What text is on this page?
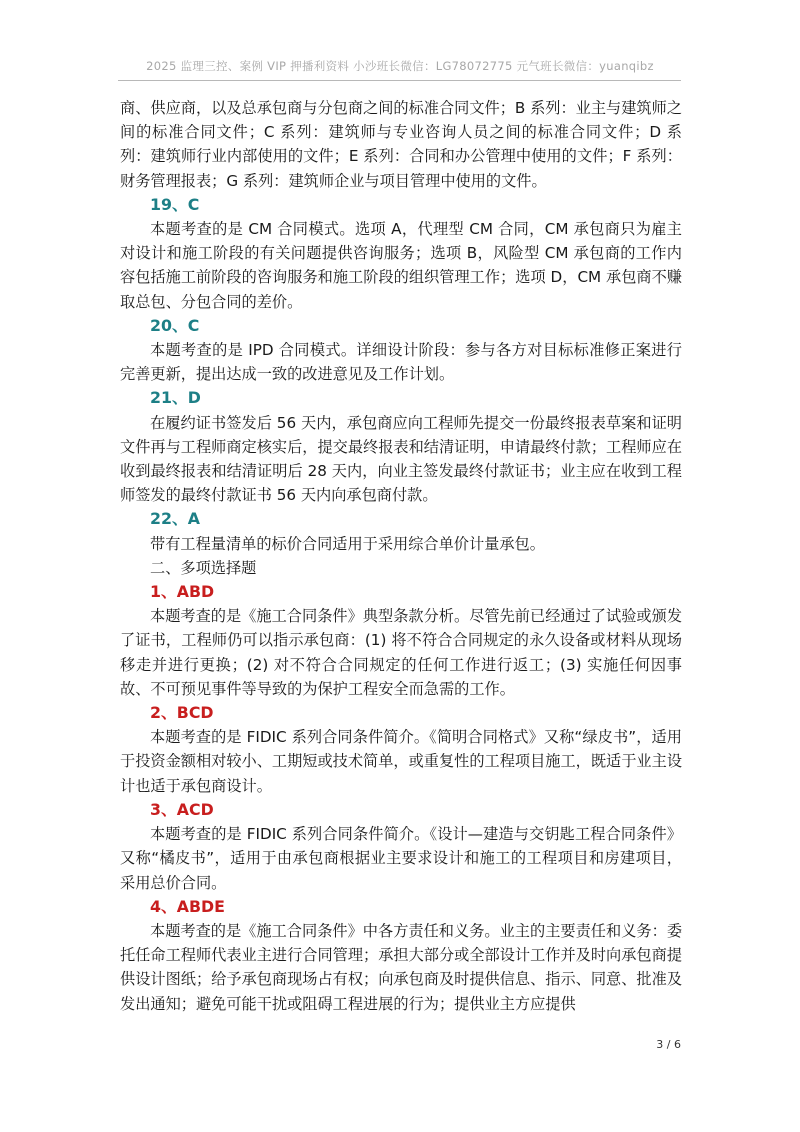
2025 监理三控、案例 VIP 押播利资料 小沙班长微信：LG78072775 元气班长微信：yuanqibz

商、供应商，以及总承包商与分包商之间的标准合同文件；B 系列：业主与建筑师之间的标准合同文件；C 系列：建筑师与专业咨询人员之间的标准合同文件；D 系列：建筑师行业内部使用的文件；E 系列：合同和办公管理中使用的文件；F 系列：财务管理报表；G 系列：建筑师企业与项目管理中使用的文件。

19、C

本题考查的是 CM 合同模式。选项 A，代理型 CM 合同，CM 承包商只为雇主对设计和施工阶段的有关问题提供咨询服务；选项 B，风险型 CM 承包商的工作内容包括施工前阶段的咨询服务和施工阶段的组织管理工作；选项 D，CM 承包商不赚取总包、分包合同的差价。

20、C

本题考查的是 IPD 合同模式。详细设计阶段：参与各方对目标标准修正案进行完善更新，提出达成一致的改进意见及工作计划。

21、D

在履约证书签发后 56 天内，承包商应向工程师先提交一份最终报表草案和证明文件再与工程师商定核实后，提交最终报表和结清证明，申请最终付款；工程师应在收到最终报表和结清证明后 28 天内，向业主签发最终付款证书；业主应在收到工程师签发的最终付款证书 56 天内向承包商付款。

22、A

带有工程量清单的标价合同适用于采用综合单价计量承包。

二、多项选择题

1、ABD

本题考查的是《施工合同条件》典型条款分析。尽管先前已经通过了试验或颁发了证书，工程师仍可以指示承包商：(1) 将不符合合同规定的永久设备或材料从现场移走并进行更换；(2) 对不符合合同规定的任何工作进行返工；(3) 实施任何因事故、不可预见事件等导致的为保护工程安全而急需的工作。

2、BCD

本题考查的是 FIDIC 系列合同条件简介。《简明合同格式》又称“绿皮书”，适用于投资金额相对较小、工期短或技术简单，或重复性的工程项目施工，既适于业主设计也适于承包商设计。

3、ACD

本题考查的是 FIDIC 系列合同条件简介。《设计—建造与交钥匙工程合同条件》又称“橘皮书”，适用于由承包商根据业主要求设计和施工的工程项目和房建项目， 采用总价合同。

4、ABDE

本题考查的是《施工合同条件》中各方责任和义务。业主的主要责任和义务：委托任命工程师代表业主进行合同管理；承担大部分或全部设计工作并及时向承包商提供设计图纸；给予承包商现场占有权；向承包商及时提供信息、指示、同意、批准及发出通知；避免可能干扰或阻碍工程进展的行为；提供业主方应提供

3 / 6
